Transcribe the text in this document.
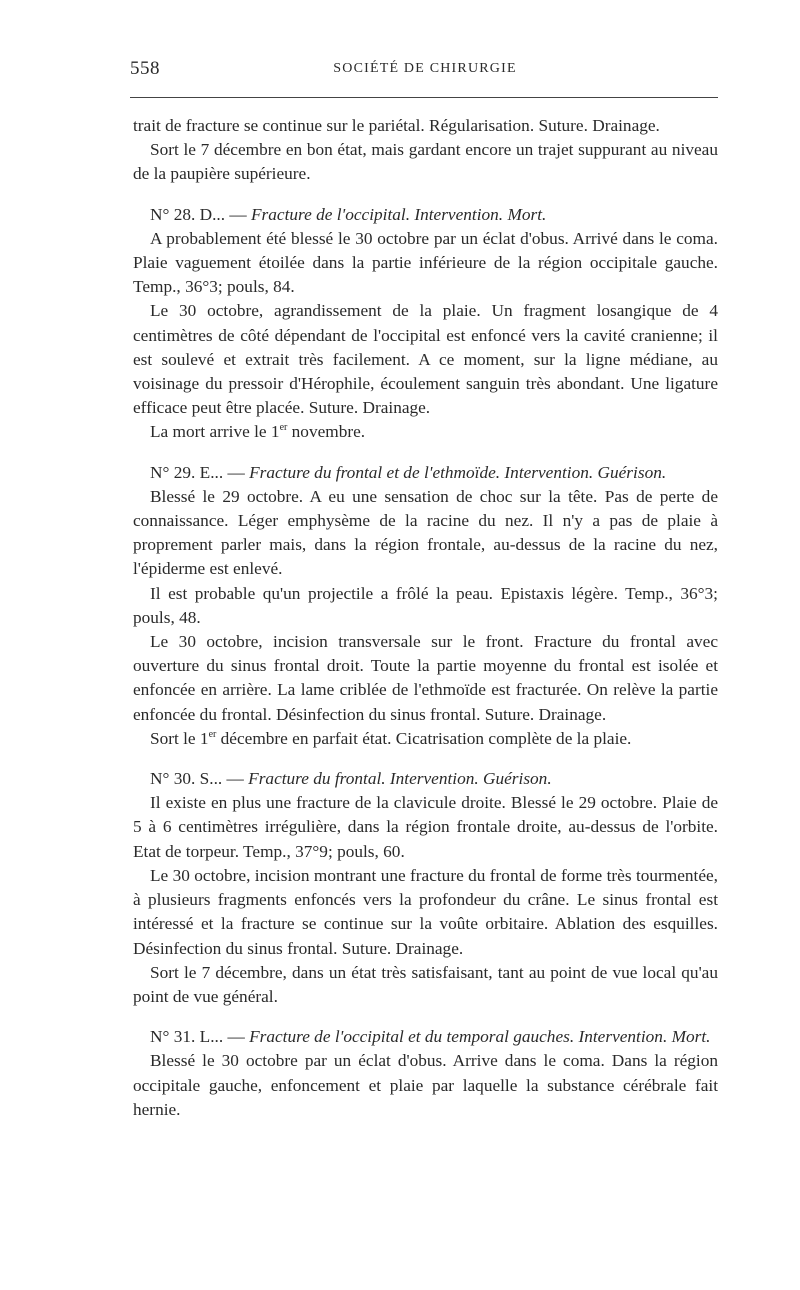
558	SOCIÉTÉ DE CHIRURGIE

trait de fracture se continue sur le pariétal. Régularisation. Suture. Drainage.

Sort le 7 décembre en bon état, mais gardant encore un trajet suppurant au niveau de la paupière supérieure.

N° 28. D... — Fracture de l'occipital. Intervention. Mort.

A probablement été blessé le 30 octobre par un éclat d'obus. Arrivé dans le coma. Plaie vaguement étoilée dans la partie inférieure de la région occipitale gauche. Temp., 36°3; pouls, 84.

Le 30 octobre, agrandissement de la plaie. Un fragment losangique de 4 centimètres de côté dépendant de l'occipital est enfoncé vers la cavité cranienne; il est soulevé et extrait très facilement. A ce moment, sur la ligne médiane, au voisinage du pressoir d'Hérophile, écoulement sanguin très abondant. Une ligature efficace peut être placée. Suture. Drainage.

La mort arrive le 1er novembre.

N° 29. E... — Fracture du frontal et de l'ethmoïde. Intervention. Guérison.

Blessé le 29 octobre. A eu une sensation de choc sur la tête. Pas de perte de connaissance. Léger emphysème de la racine du nez. Il n'y a pas de plaie à proprement parler mais, dans la région frontale, au-dessus de la racine du nez, l'épiderme est enlevé.

Il est probable qu'un projectile a frôlé la peau. Epistaxis légère. Temp., 36°3; pouls, 48.

Le 30 octobre, incision transversale sur le front. Fracture du frontal avec ouverture du sinus frontal droit. Toute la partie moyenne du frontal est isolée et enfoncée en arrière. La lame criblée de l'ethmoïde est fracturée. On relève la partie enfoncée du frontal. Désinfection du sinus frontal. Suture. Drainage.

Sort le 1er décembre en parfait état. Cicatrisation complète de la plaie.

N° 30. S... — Fracture du frontal. Intervention. Guérison.

Il existe en plus une fracture de la clavicule droite. Blessé le 29 octobre. Plaie de 5 à 6 centimètres irrégulière, dans la région frontale droite, au-dessus de l'orbite. Etat de torpeur. Temp., 37°9; pouls, 60.

Le 30 octobre, incision montrant une fracture du frontal de forme très tourmentée, à plusieurs fragments enfoncés vers la profondeur du crâne. Le sinus frontal est intéressé et la fracture se continue sur la voûte orbitaire. Ablation des esquilles. Désinfection du sinus frontal. Suture. Drainage.

Sort le 7 décembre, dans un état très satisfaisant, tant au point de vue local qu'au point de vue général.

N° 31. L... — Fracture de l'occipital et du temporal gauches. Intervention. Mort.

Blessé le 30 octobre par un éclat d'obus. Arrive dans le coma. Dans la région occipitale gauche, enfoncement et plaie par laquelle la substance cérébrale fait hernie.
